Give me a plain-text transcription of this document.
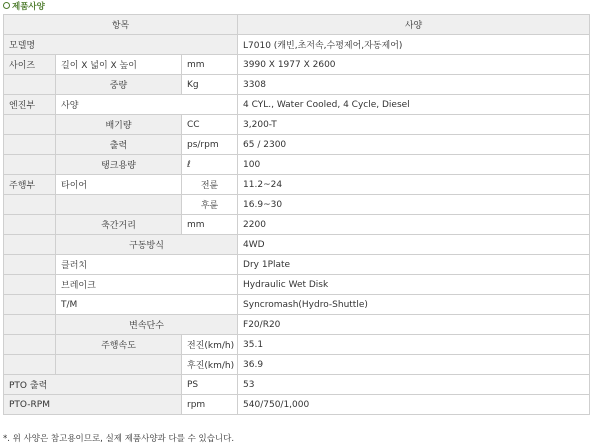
제품사양
항목			사양
모델명			L7010 (캐빈,초저속,수평제어,자동제어)
사이즈	길이 X 넓이 X 높이	mm	3990 X 1977 X 2600
	중량	Kg	3308
엔진부	사양		4 CYL., Water Cooled, 4 Cycle, Diesel
	배기량	CC	3,200-T
	출력	ps/rpm	65 / 2300
	탱크용량	ℓ	100
주행부	타이어	전륜	11.2~24
		후륜	16.9~30
	축간거리	mm	2200
	구동방식		4WD
	클러치		Dry 1Plate
	브레이크		Hydraulic Wet Disk
	T/M		Syncromash(Hydro-Shuttle)
	변속단수		F20/R20
	주행속도	전진(km/h)	35.1
		후진(km/h)	36.9
PTO 출력		PS	53
PTO-RPM		rpm	540/750/1,000
*. 위 사양은 참고용이므로, 실제 제품사양과 다를 수 있습니다.
